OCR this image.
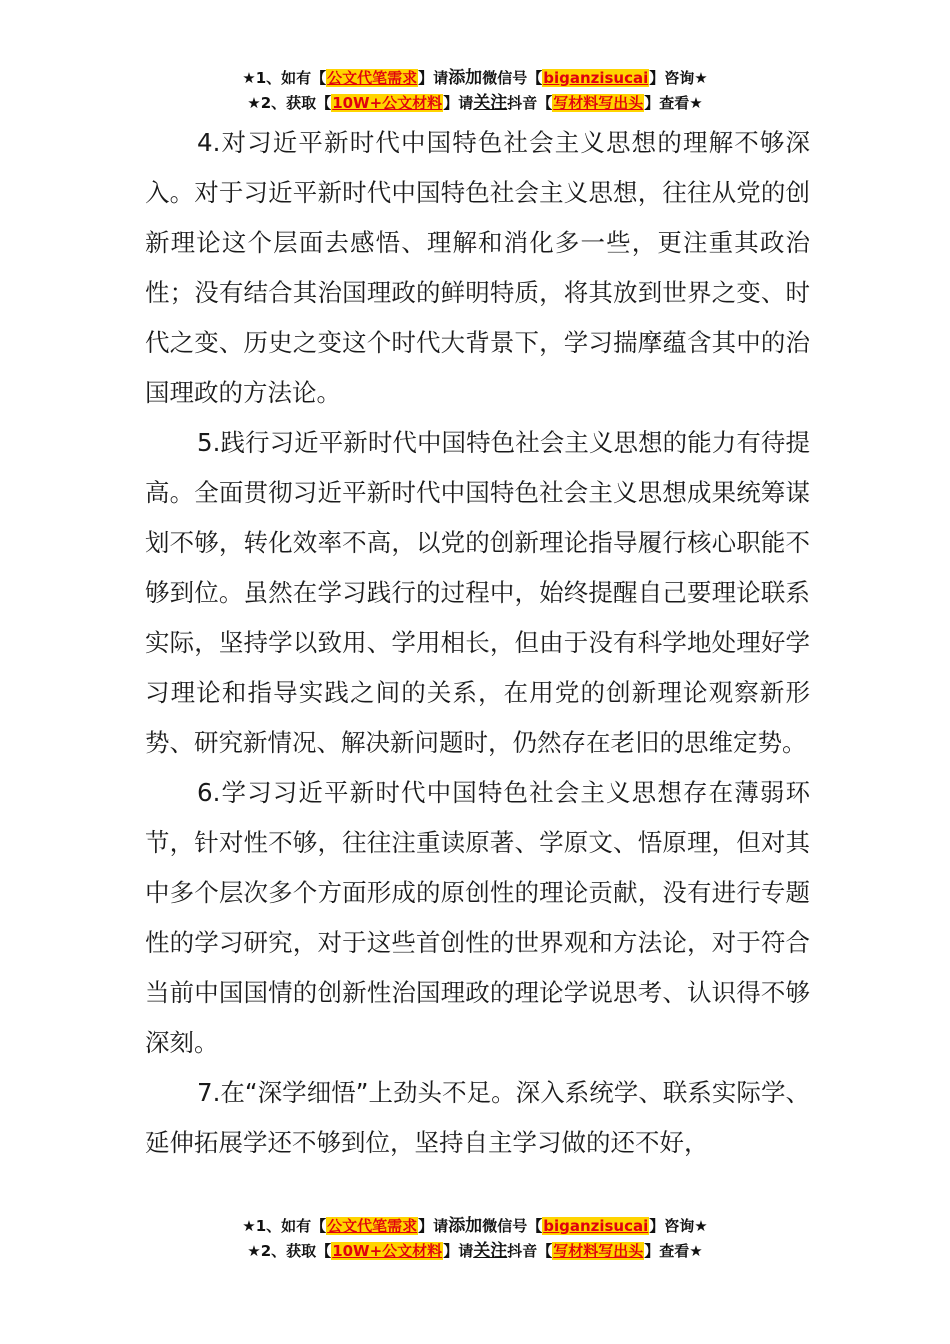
★1、如有【公文代笔需求】请添加微信号【biganzisucai】咨询★
★2、获取【10W+公文材料】请关注抖音【写材料写出头】查看★

4.对习近平新时代中国特色社会主义思想的理解不够深入。对于习近平新时代中国特色社会主义思想，往往从党的创新理论这个层面去感悟、理解和消化多一些，更注重其政治性；没有结合其治国理政的鲜明特质，将其放到世界之变、时代之变、历史之变这个时代大背景下，学习揣摩蕴含其中的治国理政的方法论。

5.践行习近平新时代中国特色社会主义思想的能力有待提高。全面贯彻习近平新时代中国特色社会主义思想成果统筹谋划不够，转化效率不高，以党的创新理论指导履行核心职能不够到位。虽然在学习践行的过程中，始终提醒自己要理论联系实际，坚持学以致用、学用相长，但由于没有科学地处理好学习理论和指导实践之间的关系，在用党的创新理论观察新形势、研究新情况、解决新问题时，仍然存在老旧的思维定势。

6.学习习近平新时代中国特色社会主义思想存在薄弱环节，针对性不够，往往注重读原著、学原文、悟原理，但对其中多个层次多个方面形成的原创性的理论贡献，没有进行专题性的学习研究，对于这些首创性的世界观和方法论，对于符合当前中国国情的创新性治国理政的理论学说思考、认识得不够深刻。

7.在“深学细悟”上劲头不足。深入系统学、联系实际学、延伸拓展学还不够到位，坚持自主学习做的还不好，

★1、如有【公文代笔需求】请添加微信号【biganzisucai】咨询★
★2、获取【10W+公文材料】请关注抖音【写材料写出头】查看★
